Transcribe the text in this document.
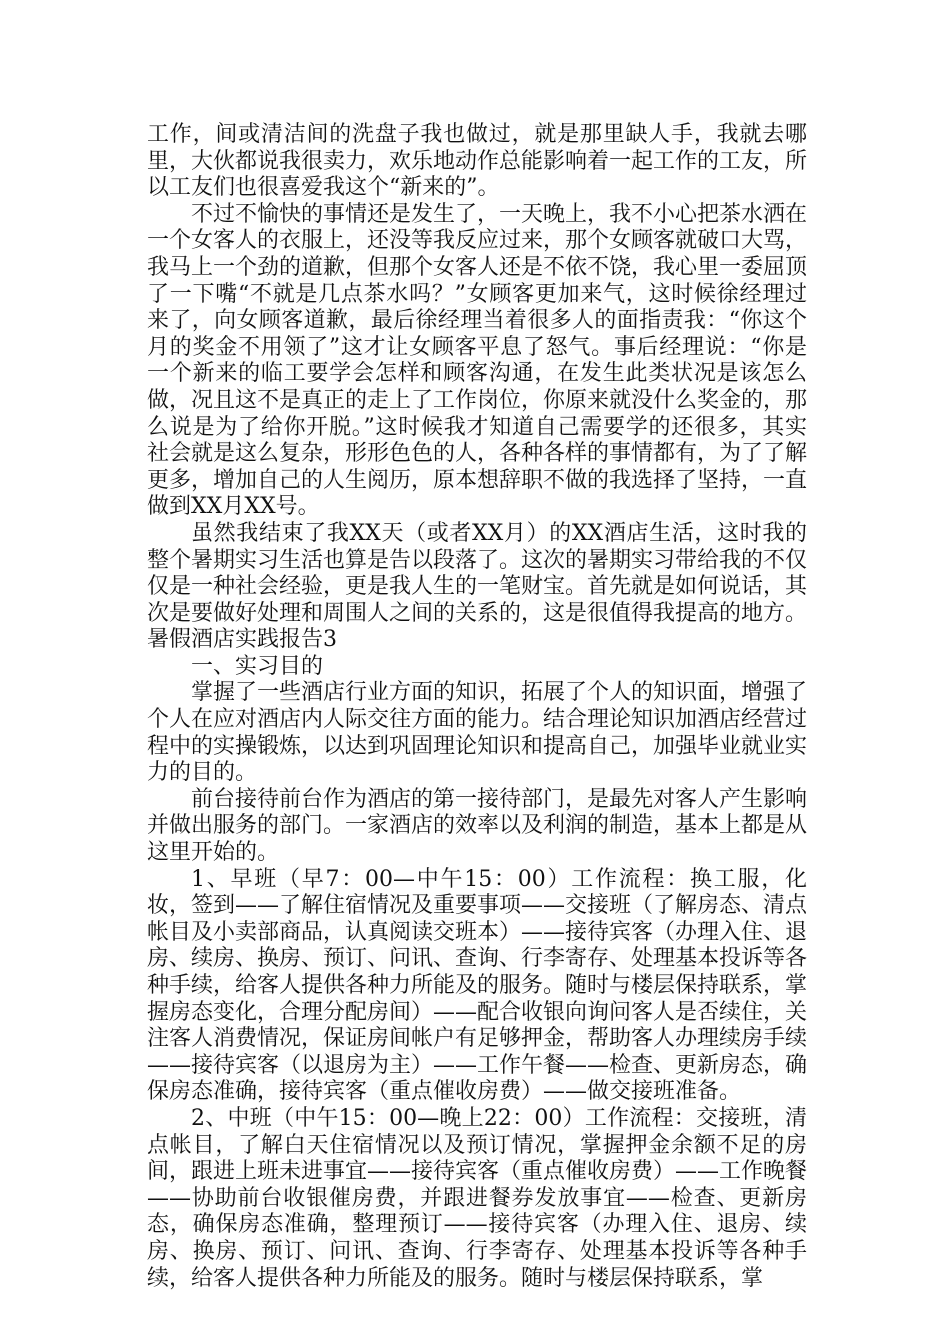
工作，间或清洁间的洗盘子我也做过，就是那里缺人手，我就去哪里，大伙都说我很卖力，欢乐地动作总能影响着一起工作的工友，所以工友们也很喜爱我这个“新来的”。

不过不愉快的事情还是发生了，一天晚上，我不小心把茶水洒在一个女客人的衣服上，还没等我反应过来，那个女顾客就破口大骂，我马上一个劲的道歉，但那个女客人还是不依不饶，我心里一委屈顶了一下嘴“不就是几点茶水吗？”女顾客更加来气，这时候徐经理过来了，向女顾客道歉，最后徐经理当着很多人的面指责我：“你这个月的奖金不用领了”这才让女顾客平息了怒气。事后经理说：“你是一个新来的临工要学会怎样和顾客沟通，在发生此类状况是该怎么做，况且这不是真正的走上了工作岗位，你原来就没什么奖金的，那么说是为了给你开脱。”这时候我才知道自己需要学的还很多，其实社会就是这么复杂，形形色色的人，各种各样的事情都有，为了了解更多，增加自己的人生阅历，原本想辞职不做的我选择了坚持，一直做到XX月XX号。

虽然我结束了我XX天（或者XX月）的XX酒店生活，这时我的整个暑期实习生活也算是告以段落了。这次的暑期实习带给我的不仅仅是一种社会经验，更是我人生的一笔财宝。首先就是如何说话，其次是要做好处理和周围人之间的关系的，这是很值得我提高的地方。暑假酒店实践报告3

一、实习目的

掌握了一些酒店行业方面的知识，拓展了个人的知识面，增强了个人在应对酒店内人际交往方面的能力。结合理论知识加酒店经营过程中的实操锻炼，以达到巩固理论知识和提高自己，加强毕业就业实力的目的。

前台接待前台作为酒店的第一接待部门，是最先对客人产生影响并做出服务的部门。一家酒店的效率以及利润的制造，基本上都是从这里开始的。

1、早班（早7：00—中午15：00）工作流程：换工服，化妆，签到——了解住宿情况及重要事项——交接班（了解房态、清点帐目及小卖部商品，认真阅读交班本）——接待宾客（办理入住、退房、续房、换房、预订、问讯、查询、行李寄存、处理基本投诉等各种手续，给客人提供各种力所能及的服务。随时与楼层保持联系，掌握房态变化，合理分配房间）——配合收银向询问客人是否续住，关注客人消费情况，保证房间帐户有足够押金，帮助客人办理续房手续——接待宾客（以退房为主）——工作午餐——检查、更新房态，确保房态准确，接待宾客（重点催收房费）——做交接班准备。

2、中班（中午15：00—晚上22：00）工作流程：交接班，清点帐目，了解白天住宿情况以及预订情况，掌握押金余额不足的房间，跟进上班未进事宜——接待宾客（重点催收房费）——工作晚餐——协助前台收银催房费，并跟进餐券发放事宜——检查、更新房态，确保房态准确，整理预订——接待宾客（办理入住、退房、续房、换房、预订、问讯、查询、行李寄存、处理基本投诉等各种手续，给客人提供各种力所能及的服务。随时与楼层保持联系，掌
